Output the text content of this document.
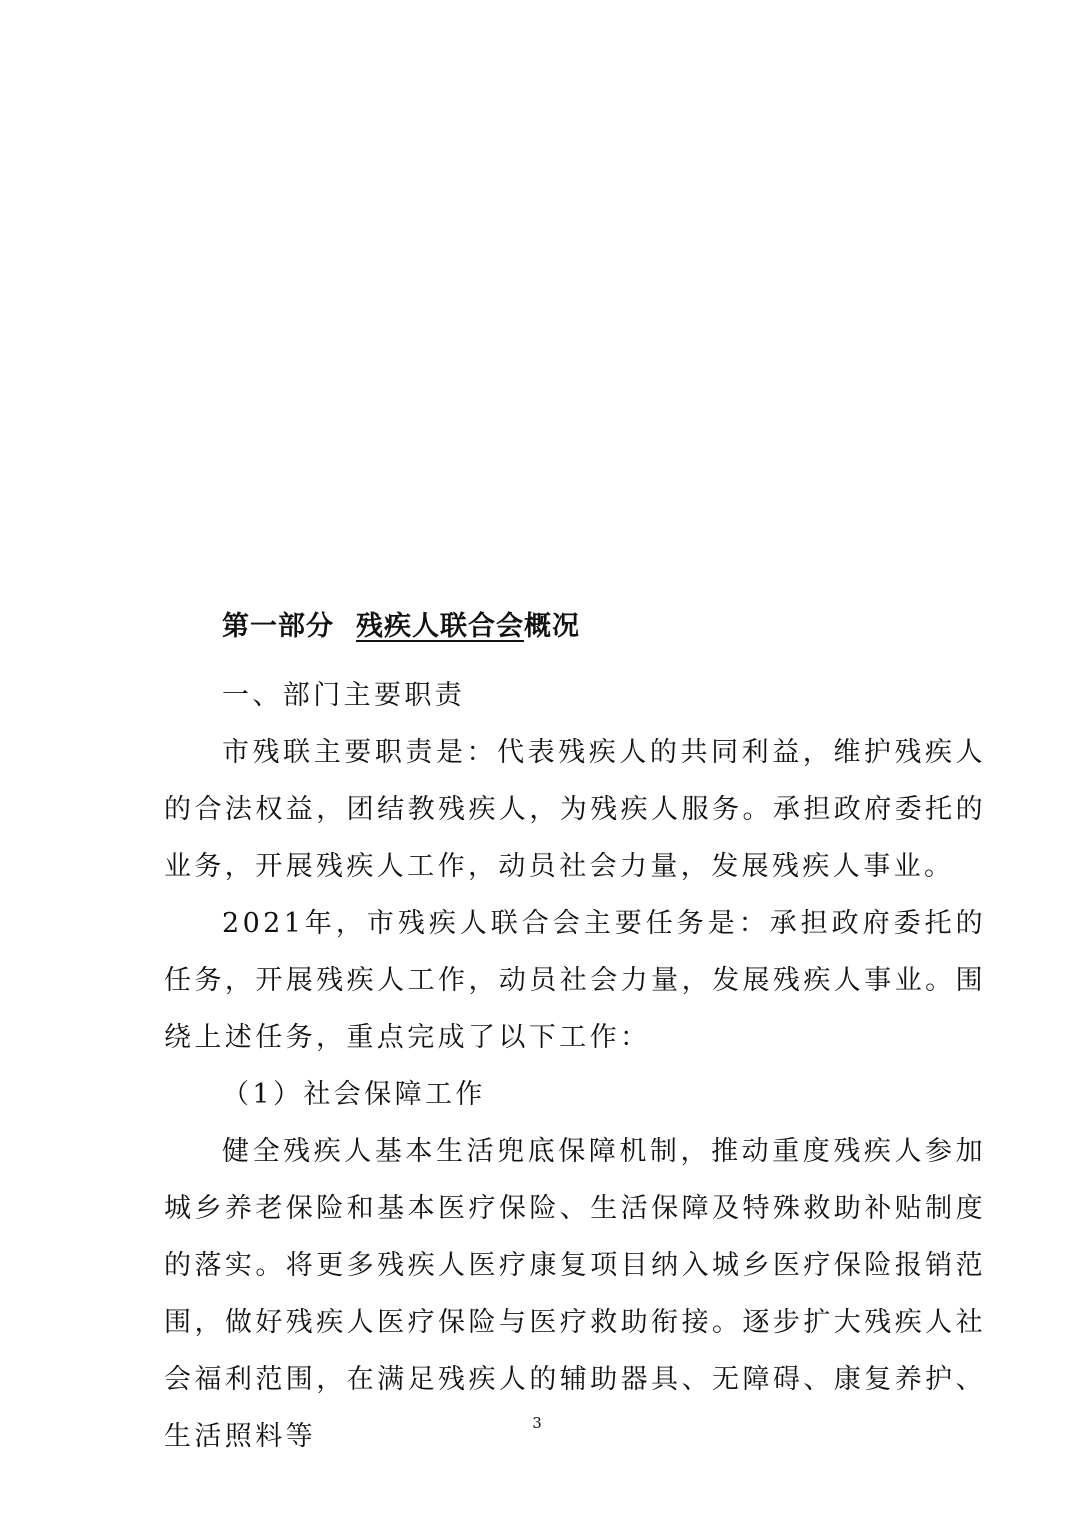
第一部分 残疾人联合会概况

一、部门主要职责

市残联主要职责是：代表残疾人的共同利益，维护残疾人的合法权益，团结教残疾人，为残疾人服务。承担政府委托的业务，开展残疾人工作，动员社会力量，发展残疾人事业。

2021年，市残疾人联合会主要任务是：承担政府委托的任务，开展残疾人工作，动员社会力量，发展残疾人事业。围绕上述任务，重点完成了以下工作：

（1）社会保障工作

健全残疾人基本生活兜底保障机制，推动重度残疾人参加城乡养老保险和基本医疗保险、生活保障及特殊救助补贴制度的落实。将更多残疾人医疗康复项目纳入城乡医疗保险报销范围，做好残疾人医疗保险与医疗救助衔接。逐步扩大残疾人社会福利范围，在满足残疾人的辅助器具、无障碍、康复养护、生活照料等	3
